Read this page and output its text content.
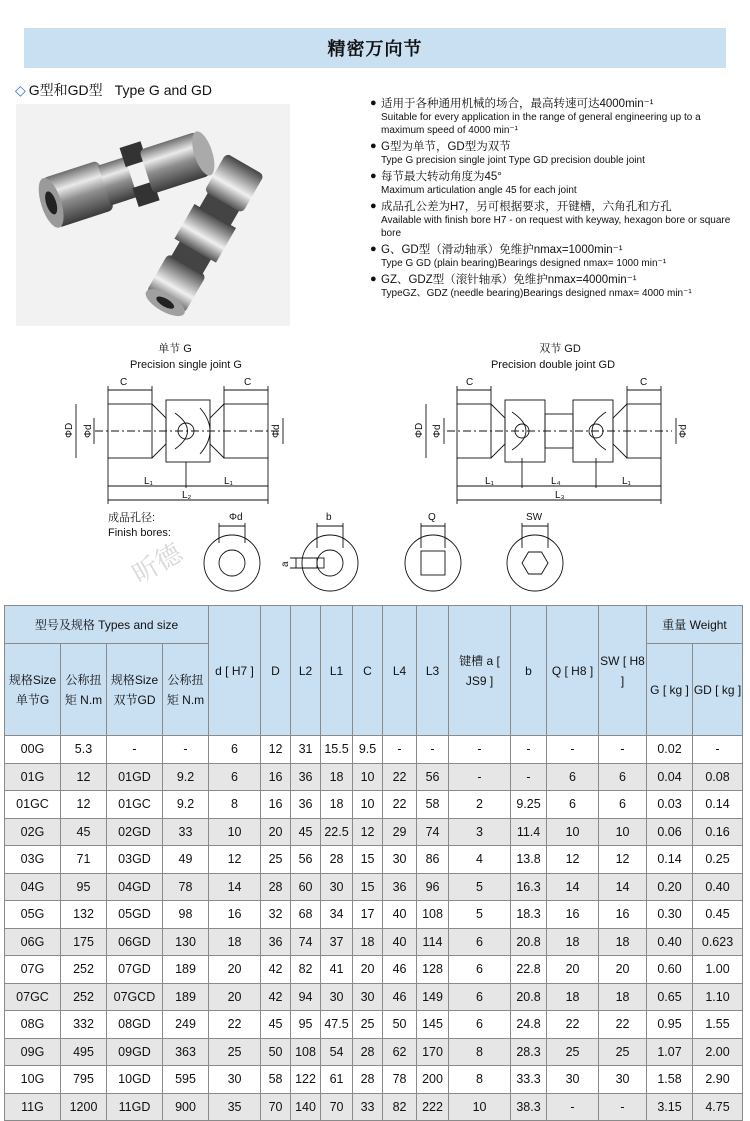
精密万向节
◇ G型和GD型 Type G and GD
● 适用于各种通用机械的场合，最高转速可达4000min⁻¹
Suitable for every application in the range of general engineering up to a maximum speed of 4000 min⁻¹
● G型为单节，GD型为双节
Type G precision single joint Type GD precision double joint
● 每节最大转动角度为45°
Maximum articulation angle 45 for each joint
● 成品孔公差为H7，另可根据要求，开键槽，六角孔和方孔
Available with finish bore H7 - on request with keyway, hexagon bore or square bore
● G、GD型（滑动轴承）免维护nmax=1000min⁻¹
Type G GD (plain bearing)Bearings designed nmax= 1000 min⁻¹
● GZ、GDZ型（滚针轴承）免维护nmax=4000min⁻¹
TypeGZ、GDZ (needle bearing)Bearings designed nmax= 4000 min⁻¹
单节 G
Precision single joint G
双节 GD
Precision double joint GD
C	C
L₁	L₁
L₂
ΦD Φd	Φd
C	C
L₁	L₄	L₁
L₃
ΦD Φd	Φd
成品孔径:
Finish bores:
Φd	b
a
Q	SW
昕德
型号及规格 Types and size				d [ H7 ]	D	L2	L1	C	L4	L3	键槽 a [ JS9 ]	b	Q [ H8 ]	SW [ H8 ]	重量 Weight	
规格Size 单节G	公称扭矩 N.m	规格Size 双节GD	公称扭矩 N.m												G [ kg ]	GD [ kg ]
00G	5.3	-	-	6	12	31	15.5	9.5	-	-	-	-	-	-	0.02	-
01G	12	01GD	9.2	6	16	36	18	10	22	56	-	-	6	6	0.04	0.08
01GC	12	01GC	9.2	8	16	36	18	10	22	58	2	9.25	6	6	0.03	0.14
02G	45	02GD	33	10	20	45	22.5	12	29	74	3	11.4	10	10	0.06	0.16
03G	71	03GD	49	12	25	56	28	15	30	86	4	13.8	12	12	0.14	0.25
04G	95	04GD	78	14	28	60	30	15	36	96	5	16.3	14	14	0.20	0.40
05G	132	05GD	98	16	32	68	34	17	40	108	5	18.3	16	16	0.30	0.45
06G	175	06GD	130	18	36	74	37	18	40	114	6	20.8	18	18	0.40	0.623
07G	252	07GD	189	20	42	82	41	20	46	128	6	22.8	20	20	0.60	1.00
07GC	252	07GCD	189	20	42	94	30	30	46	149	6	20.8	18	18	0.65	1.10
08G	332	08GD	249	22	45	95	47.5	25	50	145	6	24.8	22	22	0.95	1.55
09G	495	09GD	363	25	50	108	54	28	62	170	8	28.3	25	25	1.07	2.00
10G	795	10GD	595	30	58	122	61	28	78	200	8	33.3	30	30	1.58	2.90
11G	1200	11GD	900	35	70	140	70	33	82	222	10	38.3	-	-	3.15	4.75
